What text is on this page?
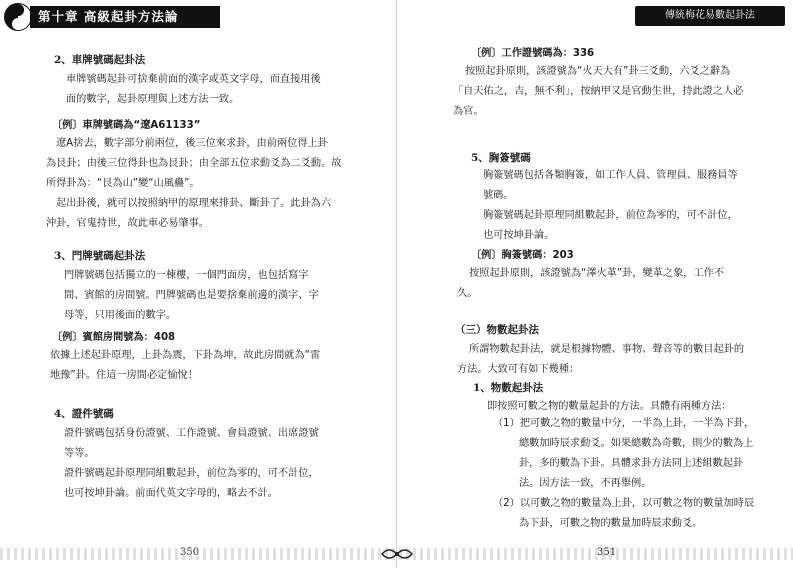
第十章 高級起卦方法論
2、車牌號碼起卦法
車牌號碼起卦可捨棄前面的漢字或英文字母，而直接用後
面的數字，起卦原理與上述方法一致。
〔例〕車牌號碼為“遼A61133”
遼A捨去，數字部分前兩位，後三位來求卦，由前兩位得上卦
為艮卦；由後三位得卦也為艮卦；由全部五位求動爻為二爻動。故
所得卦為：“艮為山”變“山風蠱”。
起出卦後，就可以按照納甲的原理來排卦、斷卦了。此卦為六
沖卦，官鬼持世，故此車必易肇事。
3、門牌號碼起卦法
門牌號碼包括獨立的一棟樓，一個門面房，也包括寫字
間、賓館的房間號。門牌號碼也是要捨棄前邊的漢字、字
母等，只用後面的數字。
〔例〕賓館房間號為：408
依據上述起卦原理，上卦為震，下卦為坤，故此房間就為“雷
地豫”卦。住這一房間必定愉悅！
4、證件號碼
證件號碼包括身份證號、工作證號、會員證號、出席證號
等等。
證件號碼起卦原理同組數起卦，前位為零的，可不計位，
也可按坤卦論。前面代英文字母的，略去不計。
350
傳統梅花易數起卦法
〔例〕工作證號碼為：336
按照起卦原則，該證號為“火天大有”卦三爻動，六爻之辭為
「自天佑之，吉，無不利」，按納甲又是官動生世，持此證之人必
為官。
5、胸簽號碼
胸簽號碼包括各類胸簽，如工作人員、管理員、服務員等
號碼。
胸簽號碼起卦原理同組數起卦，前位為零的，可不計位，
也可按坤卦論。
〔例〕胸簽號碼：203
按照起卦原則，該證號為“澤火革”卦，變革之象，工作不
久。
（三）物數起卦法
所謂物數起卦法，就是根據物體、事物、聲音等的數目起卦的
方法。大致可有如下幾種：
1、物數起卦法
即按照可數之物的數量起卦的方法。具體有兩種方法：
（1）把可數之物的數量中分，一半為上卦，一半為下卦，
總數加時辰求動爻。如果總數為奇數，則少的數為上
卦，多的數為下卦。具體求卦方法同上述組數起卦
法。因方法一致，不再舉例。
（2）以可數之物的數量為上卦，以可數之物的數量加時辰
為下卦，可數之物的數量加時辰求動爻。
351
